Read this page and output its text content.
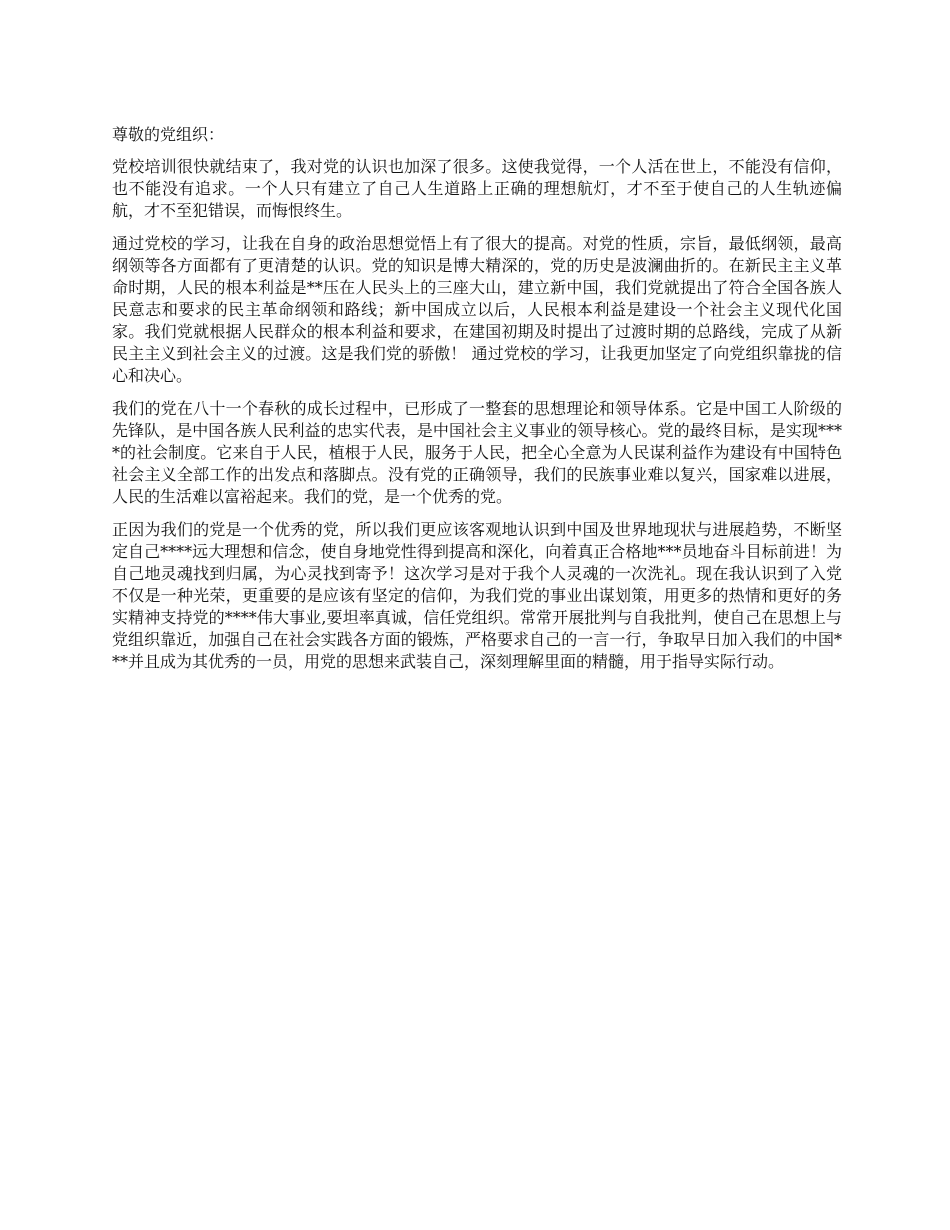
尊敬的党组织：

党校培训很快就结束了，我对党的认识也加深了很多。这使我觉得，一个人活在世上，不能没有信仰，也不能没有追求。一个人只有建立了自己人生道路上正确的理想航灯，才不至于使自己的人生轨迹偏航，才不至犯错误，而悔恨终生。

通过党校的学习，让我在自身的政治思想觉悟上有了很大的提高。对党的性质，宗旨，最低纲领，最高纲领等各方面都有了更清楚的认识。党的知识是博大精深的，党的历史是波澜曲折的。在新民主主义革命时期，人民的根本利益是**压在人民头上的三座大山，建立新中国，我们党就提出了符合全国各族人民意志和要求的民主革命纲领和路线；新中国成立以后，人民根本利益是建设一个社会主义现代化国家。我们党就根据人民群众的根本利益和要求，在建国初期及时提出了过渡时期的总路线，完成了从新民主主义到社会主义的过渡。这是我们党的骄傲！ 通过党校的学习，让我更加坚定了向党组织靠拢的信心和决心。

我们的党在八十一个春秋的成长过程中，已形成了一整套的思想理论和领导体系。它是中国工人阶级的先锋队，是中国各族人民利益的忠实代表，是中国社会主义事业的领导核心。党的最终目标，是实现****的社会制度。它来自于人民，植根于人民，服务于人民，把全心全意为人民谋利益作为建设有中国特色社会主义全部工作的出发点和落脚点。没有党的正确领导，我们的民族事业难以复兴，国家难以进展，人民的生活难以富裕起来。我们的党，是一个优秀的党。

正因为我们的党是一个优秀的党，所以我们更应该客观地认识到中国及世界地现状与进展趋势，不断坚定自己****远大理想和信念，使自身地党性得到提高和深化，向着真正合格地***员地奋斗目标前进！为自己地灵魂找到归属，为心灵找到寄予！这次学习是对于我个人灵魂的一次洗礼。现在我认识到了入党不仅是一种光荣，更重要的是应该有坚定的信仰，为我们党的事业出谋划策，用更多的热情和更好的务实精神支持党的****伟大事业,要坦率真诚，信任党组织。常常开展批判与自我批判，使自己在思想上与党组织靠近，加强自己在社会实践各方面的锻炼，严格要求自己的一言一行，争取早日加入我们的中国***并且成为其优秀的一员，用党的思想来武装自己，深刻理解里面的精髓，用于指导实际行动。
